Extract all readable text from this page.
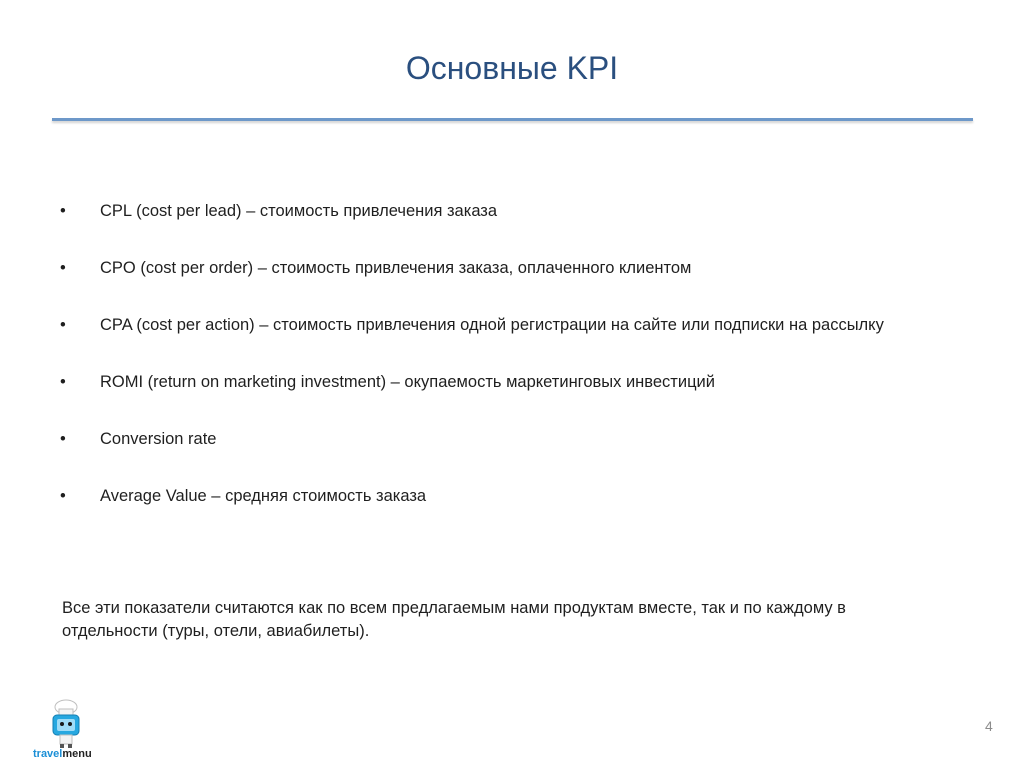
Основные KPI
• CPL (cost per lead) – стоимость привлечения заказа
• CPO (cost per order) – стоимость привлечения заказа, оплаченного клиентом
• CPA (cost per action) – стоимость привлечения одной регистрации на сайте или подписки на рассылку
• ROMI (return on marketing investment) – окупаемость маркетинговых инвестиций
• Conversion rate
• Average Value – средняя стоимость заказа
Все эти показатели считаются как по всем предлагаемым нами продуктам вместе, так и по каждому в отдельности (туры, отели, авиабилеты).
travelmenu
4
